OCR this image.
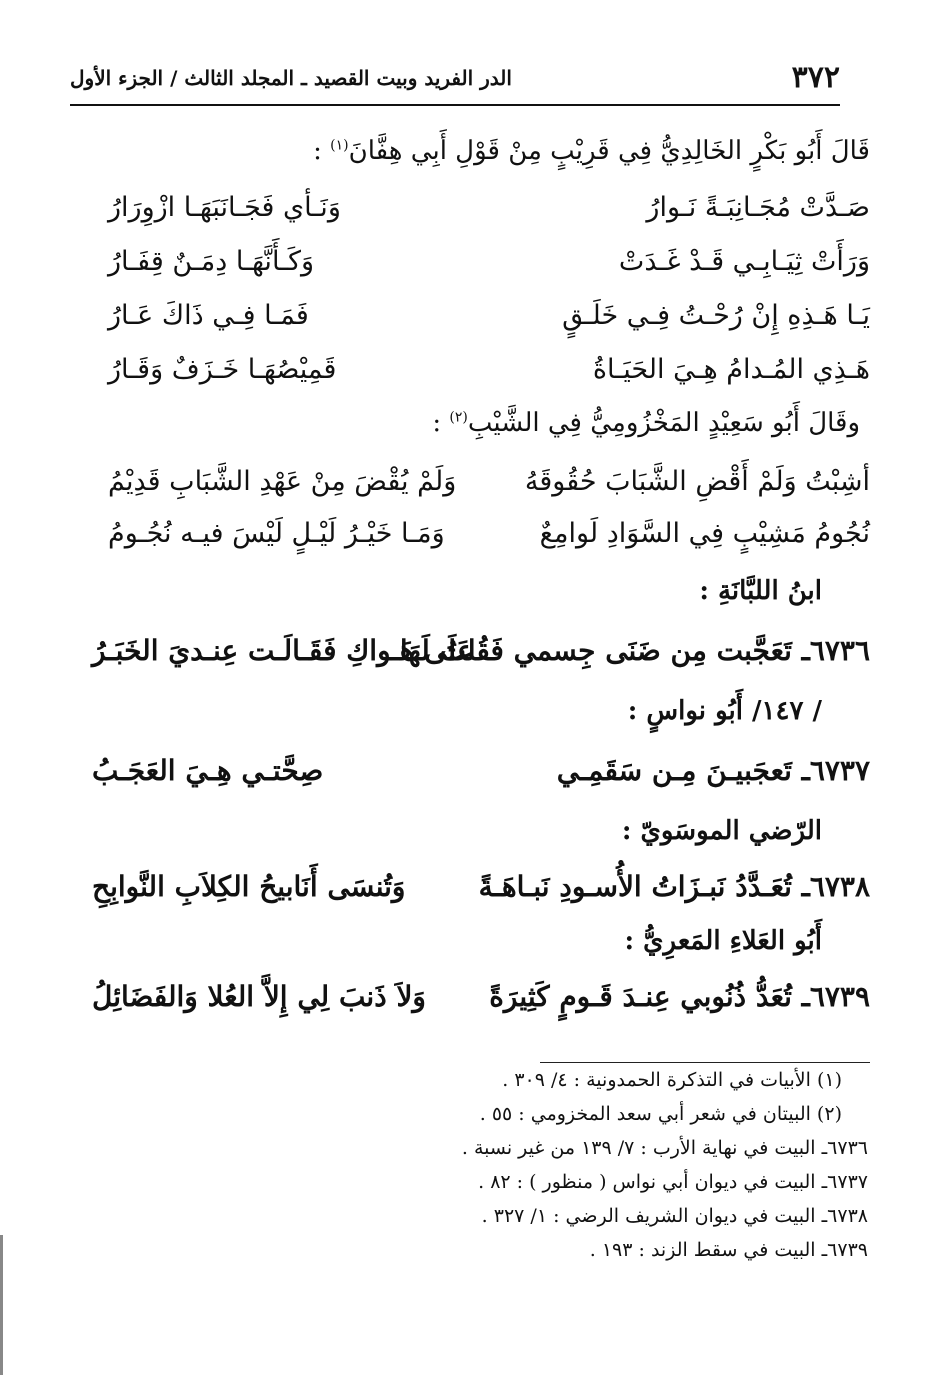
٣٧٢
الدر الفريد وبيت القصيد ـ المجلد الثالث / الجزء الأول
قَالَ أَبُو بَكْرٍ الخَالِدِيُّ فِي قَرِيْبٍ مِنْ قَوْلِ أَبِي هِفَّانَ$^{(١)}$ :
صَـدَّتْ مُجَـانِبَـةً نَـوارُ
وَنَـأي فَجَـانَبَهَـا ازْوِرَارُ
وَرَأَتْ ثِيَـابِـي قَـدْ غَـدَتْ
وَكَـأَنَّهَـا دِمَـنٌ قِفَـارُ
يَـا هَـذِهِ إِنْ رُحْـتُ فِـي خَلَـقٍ
فَمَـا فِـي ذَاكَ عَـارُ
هَـذِي المُـدامُ هِـيَ الحَيَـاةُ
قَمِيْصُهَـا خَـزَفٌ وَقَـارُ
وقَالَ أَبُو سَعِيْدٍ المَخْزُومِيُّ فِي الشَّيْبِ$^{(٢)}$ :
أشِبْتُ وَلَمْ أَقْضِ الشَّبَابَ حُقُوقَهُ
وَلَمْ يُقْضَ مِنْ عَهْدِ الشَّبَابِ قَدِيْمُ
نُجُومُ مَشِيْبٍ فِي السَّوَادِ لَوامِعٌ
وَمَـا خَيْـرُ لَيْـلٍ لَيْسَ فيـه نُجُـومُ
ابنُ اللبَّانَةِ :
٦٧٣٦ـ تَعَجَّبت مِن ضَنَى جِسمي فَقُلتُ لَهَا
عَلَى هَـواكِ فَقَـالَـت عِنـديَ الخَبَـرُ
/ ١٤٧/ أَبُو نواسٍ :
٦٧٣٧ـ تَعجَبيـنَ مِـن سَقَمِـي
صِحَّتـي هِـيَ العَجَـبُ
الرّضي الموسَويّ :
٦٧٣٨ـ تُعَـدَّدُ نَبـزَاتُ الأُسـودِ نَبـاهَـةً
وَتُنسَى أَنَابيحُ الكِلاَبِ النَّوابِحِ
أَبُو العَلاءِ المَعرِيُّ :
٦٧٣٩ـ تُعَدُّ ذُنُوبي عِنـدَ قَـومٍ كَثِيرَةً
وَلاَ ذَنبَ لِي إِلاَّ العُلا وَالفَضَائِلُ
(١) الأبيات في التذكرة الحمدونية : ٤/ ٣٠٩ .
(٢) البيتان في شعر أبي سعد المخزومي : ٥٥ .
٦٧٣٦ـ البيت في نهاية الأرب : ٧/ ١٣٩ من غير نسبة .
٦٧٣٧ـ البيت في ديوان أبي نواس ( منظور ) : ٨٢ .
٦٧٣٨ـ البيت في ديوان الشريف الرضي : ١/ ٣٢٧ .
٦٧٣٩ـ البيت في سقط الزند : ١٩٣ .
